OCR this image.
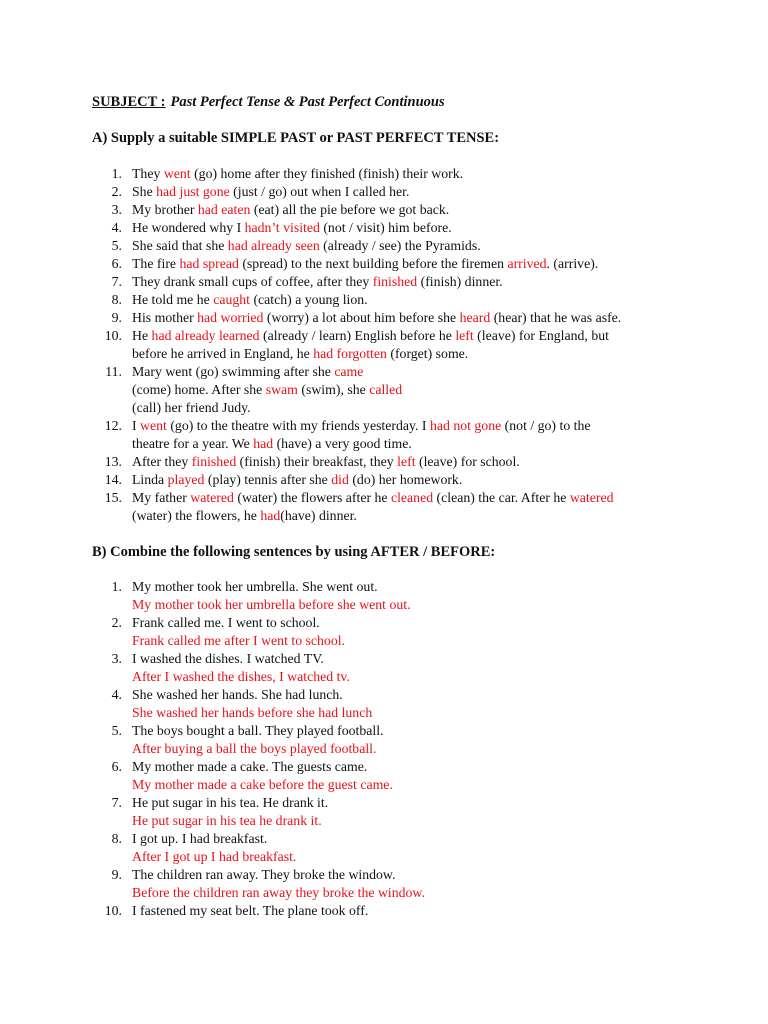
SUBJECT : Past Perfect Tense & Past Perfect Continuous

A) Supply a suitable SIMPLE PAST or PAST PERFECT TENSE:
1. They went (go) home after they finished (finish) their work.
2. She had just gone (just / go) out when I called her.
3. My brother had eaten (eat) all the pie before we got back.
4. He wondered why I hadn’t visited (not / visit) him before.
5. She said that she had already seen (already / see) the Pyramids.
6. The fire had spread (spread) to the next building before the firemen arrived. (arrive).
7. They drank small cups of coffee, after they finished (finish) dinner.
8. He told me he caught (catch) a young lion.
9. His mother had worried (worry) a lot about him before she heard (hear) that he was asfe.
10. He had already learned (already / learn) English before he left (leave) for England, but
before he arrived in England, he had forgotten (forget) some.
11. Mary went (go) swimming after she came
(come) home. After she swam (swim), she called
(call) her friend Judy.
12. I went (go) to the theatre with my friends yesterday. I had not gone (not / go) to the
theatre for a year. We had (have) a very good time.
13. After they finished (finish) their breakfast, they left (leave) for school.
14. Linda played (play) tennis after she did (do) her homework.
15. My father watered (water) the flowers after he cleaned (clean) the car. After he watered
(water) the flowers, he had(have) dinner.
B) Combine the following sentences by using AFTER / BEFORE:
1. My mother took her umbrella. She went out.
My mother took her umbrella before she went out.
2. Frank called me. I went to school.
Frank called me after I went to school.
3. I washed the dishes. I watched TV.
After I washed the dishes, I watched tv.
4. She washed her hands. She had lunch.
She washed her hands before she had lunch
5. The boys bought a ball. They played football.
After buying a ball the boys played football.
6. My mother made a cake. The guests came.
My mother made a cake before the guest came.
7. He put sugar in his tea. He drank it.
He put sugar in his tea he drank it.
8. I got up. I had breakfast.
After I got up I had breakfast.
9. The children ran away. They broke the window.
Before the children ran away they broke the window.
10. I fastened my seat belt. The plane took off.
